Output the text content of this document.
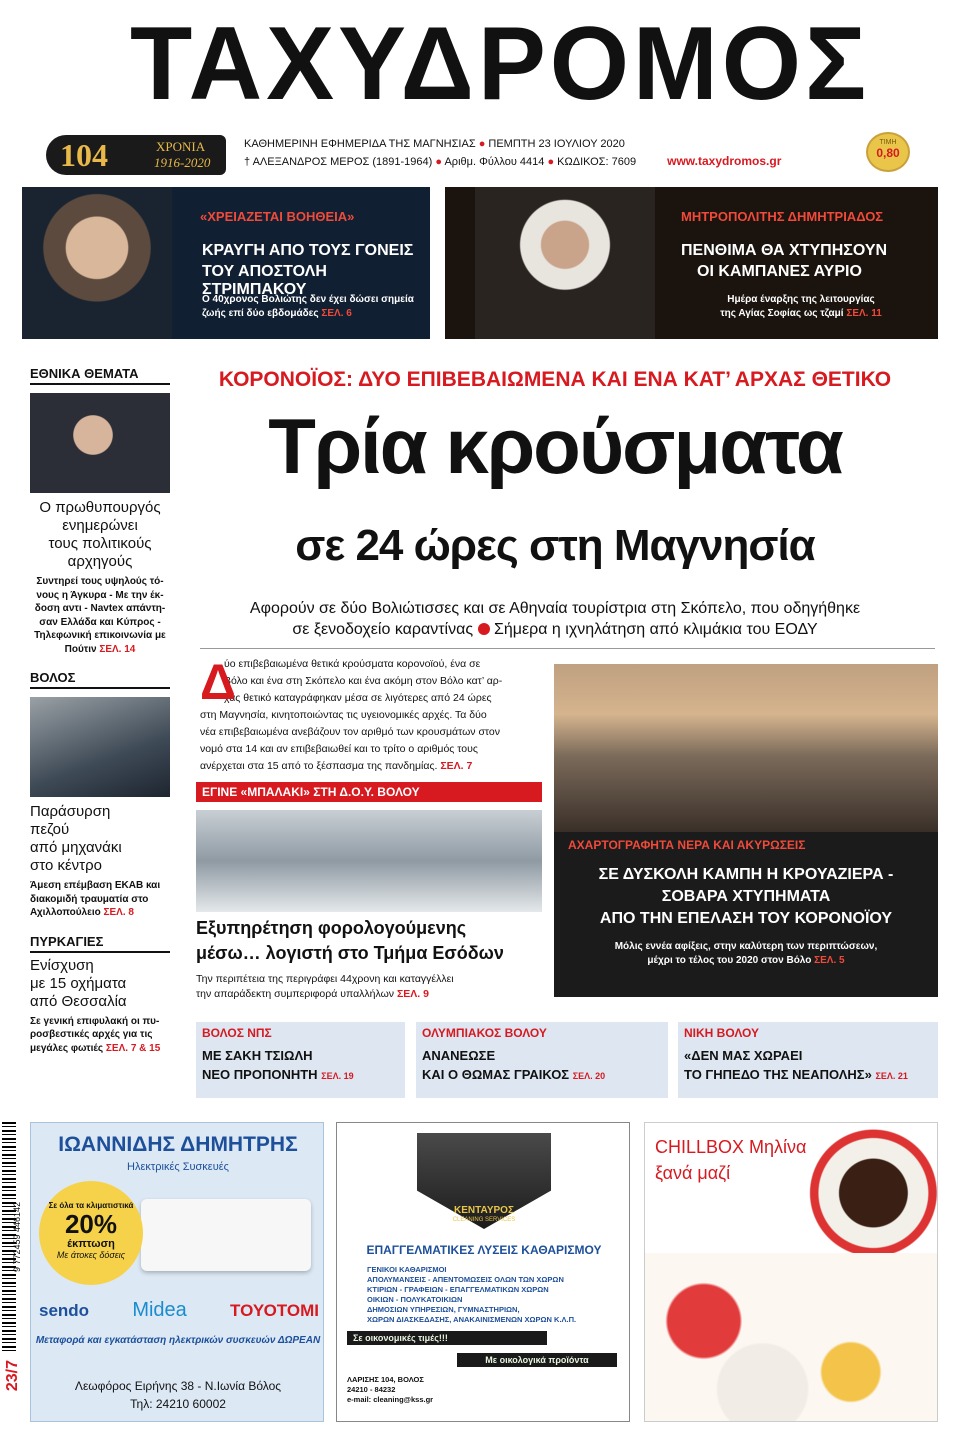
ΤΑΧΥΔΡΟΜΟΣ
104	ΧΡΟΝΙΑ
1916-2020
ΚΑΘΗΜΕΡΙΝΗ ΕΦΗΜΕΡΙΔΑ ΤΗΣ ΜΑΓΝΗΣΙΑΣ ● ΠΕΜΠΤΗ 23 ΙΟΥΛΙΟΥ 2020
† ΑΛΕΞΑΝΔΡΟΣ ΜΕΡΟΣ (1891-1964) ● Αριθμ. Φύλλου 4414 ● ΚΩΔΙΚΟΣ: 7609	www.taxydromos.gr
ΤΙΜΗ
0,80
«ΧΡΕΙΑΖΕΤΑΙ ΒΟΗΘΕΙΑ»
ΚΡΑΥΓΗ ΑΠΟ ΤΟΥΣ ΓΟΝΕΙΣ
ΤΟΥ ΑΠΟΣΤΟΛΗ ΣΤΡΙΜΠΑΚΟΥ
Ο 40χρονος Βολιώτης δεν έχει δώσει σημεία
ζωής επί δύο εβδομάδες ΣΕΛ. 6
ΜΗΤΡΟΠΟΛΙΤΗΣ ΔΗΜΗΤΡΙΑΔΟΣ
ΠΕΝΘΙΜΑ ΘΑ ΧΤΥΠΗΣΟΥΝ
ΟΙ ΚΑΜΠΑΝΕΣ ΑΥΡΙΟ
Ημέρα έναρξης της λειτουργίας
της Αγίας Σοφίας ως τζαμί ΣΕΛ. 11
ΕΘΝΙΚΑ ΘΕΜΑΤΑ
Ο πρωθυπουργός
ενημερώνει
τους πολιτικούς
αρχηγούς
Συντηρεί τους υψηλούς τό-
νους η Άγκυρα - Με την έκ-
δοση αντι - Navtex απάντη-
σαν Ελλάδα και Κύπρος -
Τηλεφωνική επικοινωνία με
Πούτιν ΣΕΛ. 14
ΒΟΛΟΣ
Παράσυρση
πεζού
από μηχανάκι
στο κέντρο
Άμεση επέμβαση ΕΚΑΒ και
διακομιδή τραυματία στο
Αχιλλοπούλειο ΣΕΛ. 8
ΠΥΡΚΑΓΙΕΣ
Ενίσχυση
με 15 οχήματα
από Θεσσαλία
Σε γενική επιφυλακή οι πυ-
ροσβεστικές αρχές για τις
μεγάλες φωτιές ΣΕΛ. 7 & 15
ΚΟΡΟΝΟΪΟΣ: ΔΥΟ ΕΠΙΒΕΒΑΙΩΜΕΝΑ ΚΑΙ ΕΝΑ ΚΑΤ’ ΑΡΧΑΣ ΘΕΤΙΚΟ
Τρία κρούσματα
σε 24 ώρες στη Μαγνησία
Αφορούν σε δύο Βολιώτισσες και σε Αθηναία τουρίστρια στη Σκόπελο, που οδηγήθηκε
σε ξενοδοχείο καραντίνας Σήμερα η ιχνηλάτηση από κλιμάκια του ΕΟΔΥ
Δ
ύο επιβεβαιωμένα θετικά κρούσματα κορονοϊού, ένα σε
Βόλο και ένα στη Σκόπελο και ένα ακόμη στον Βόλο κατ’ αρ-
χάς θετικό καταγράφηκαν μέσα σε λιγότερες από 24 ώρες
στη Μαγνησία, κινητοποιώντας τις υγειονομικές αρχές. Τα δύο
νέα επιβεβαιωμένα ανεβάζουν τον αριθμό των κρουσμάτων στον
νομό στα 14 και αν επιβεβαιωθεί και το τρίτο ο αριθμός τους
ανέρχεται στα 15 από το ξέσπασμα της πανδημίας. ΣΕΛ. 7
ΕΓΙΝΕ «ΜΠΑΛΑΚΙ» ΣΤΗ Δ.Ο.Υ. ΒΟΛΟΥ
Εξυπηρέτηση φορολογούμενης
μέσω… λογιστή στο Τμήμα Εσόδων
Την περιπέτεια της περιγράφει 44χρονη και καταγγέλλει
την απαράδεκτη συμπεριφορά υπαλλήλων ΣΕΛ. 9
ΑΧΑΡΤΟΓΡΑΦΗΤΑ ΝΕΡΑ ΚΑΙ ΑΚΥΡΩΣΕΙΣ
ΣΕ ΔΥΣΚΟΛΗ ΚΑΜΠΗ Η ΚΡΟΥΑΖΙΕΡΑ -
ΣΟΒΑΡΑ ΧΤΥΠΗΜΑΤΑ
ΑΠΟ ΤΗΝ ΕΠΕΛΑΣΗ ΤΟΥ ΚΟΡΟΝΟΪΟΥ
Μόλις εννέα αφίξεις, στην καλύτερη των περιπτώσεων,
μέχρι το τέλος του 2020 στον Βόλο ΣΕΛ. 5
ΒΟΛΟΣ ΝΠΣ
ΜΕ ΣΑΚΗ ΤΣΙΩΛΗ
ΝΕΟ ΠΡΟΠΟΝΗΤΗ ΣΕΛ. 19
ΟΛΥΜΠΙΑΚΟΣ ΒΟΛΟΥ
ΑΝΑΝΕΩΣΕ
ΚΑΙ Ο ΘΩΜΑΣ ΓΡΑΙΚΟΣ ΣΕΛ. 20
ΝΙΚΗ ΒΟΛΟΥ
«ΔΕΝ ΜΑΣ ΧΩΡΑΕΙ
ΤΟ ΓΗΠΕΔΟ ΤΗΣ ΝΕΑΠΟΛΗΣ» ΣΕΛ. 21
9 772459 446142
23/7
ΙΩΑΝΝΙΔΗΣ ΔΗΜΗΤΡΗΣ
Ηλεκτρικές Συσκευές
Σε όλα τα κλιματιστικά
20%
έκπτωση
Με άτοκες δόσεις
sendo Midea	ΤΟΥΟΤΟΜΙ
Μεταφορά και εγκατάσταση ηλεκτρικών συσκευών ΔΩΡΕΑΝ
Λεωφόρος Ειρήνης 38 - Ν.Ιωνία Βόλος
Τηλ: 24210 60002
ΚΕΝΤΑΥΡΟΣ
CLEANING SERVICES
ΕΠΑΓΓΕΛΜΑΤΙΚΕΣ ΛΥΣΕΙΣ ΚΑΘΑΡΙΣΜΟΥ
ΓΕΝΙΚΟΙ ΚΑΘΑΡΙΣΜΟΙ
ΑΠΟΛΥΜΑΝΣΕΙΣ - ΑΠΕΝΤΟΜΩΣΕΙΣ ΟΛΩΝ ΤΩΝ ΧΩΡΩΝ
ΚΤΙΡΙΩΝ - ΓΡΑΦΕΙΩΝ - ΕΠΑΓΓΕΛΜΑΤΙΚΩΝ ΧΩΡΩΝ
ΟΙΚΙΩΝ - ΠΟΛΥΚΑΤΟΙΚΙΩΝ
ΔΗΜΟΣΙΩΝ ΥΠΗΡΕΣΙΩΝ, ΓΥΜΝΑΣΤΗΡΙΩΝ,
ΧΩΡΩΝ ΔΙΑΣΚΕΔΑΣΗΣ, ΑΝΑΚΑΙΝΙΣΜΕΝΩΝ ΧΩΡΩΝ Κ.Λ.Π.
Σε οικονομικές τιμές!!!
Με οικολογικά προϊόντα
ΛΑΡΙΣΗΣ 104, ΒΟΛΟΣ
24210 - 84232
e-mail: cleaning@kss.gr
CHILLBOX Μηλίνα
ξανά μαζί
